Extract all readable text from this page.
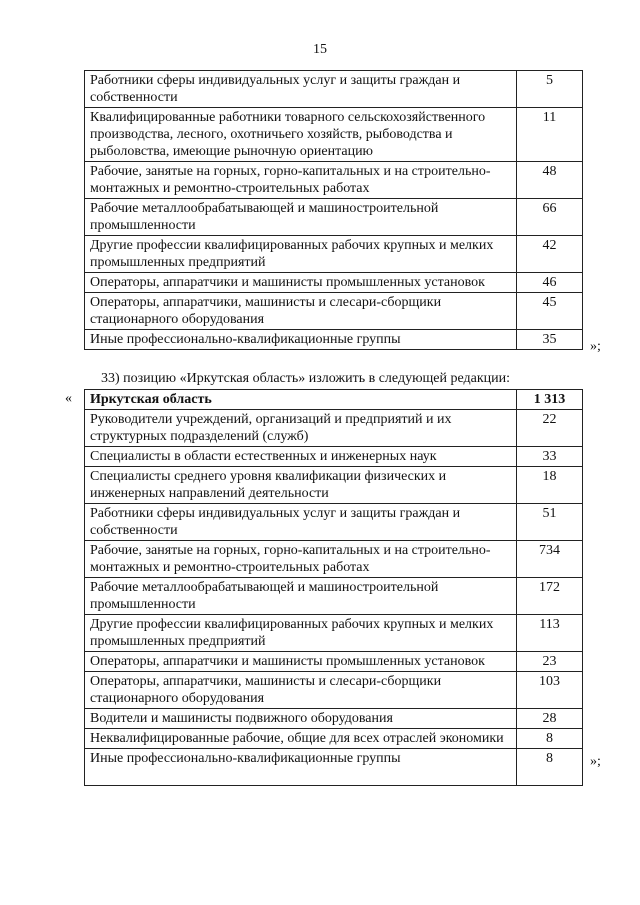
15
Работники сферы индивидуальных услуг и защиты граждан и собственности	5
Квалифицированные работники товарного сельскохозяйственного производства, лесного, охотничьего хозяйств, рыбоводства и рыболовства, имеющие рыночную ориентацию	11
Рабочие, занятые на горных, горно-капитальных и на строительно-монтажных и ремонтно-строительных работах	48
Рабочие металлообрабатывающей и машиностроительной промышленности	66
Другие профессии квалифицированных рабочих крупных и мелких промышленных предприятий	42
Операторы, аппаратчики и машинисты промышленных установок	46
Операторы, аппаратчики, машинисты и слесари-сборщики стационарного оборудования	45
Иные профессионально-квалификационные группы	35 »;
33) позицию «Иркутская область» изложить в следующей редакции:
« Иркутская область	1 313
Руководители учреждений, организаций и предприятий и их структурных подразделений (служб)	22
Специалисты в области естественных и инженерных наук	33
Специалисты среднего уровня квалификации физических и инженерных направлений деятельности	18
Работники сферы индивидуальных услуг и защиты граждан и собственности	51
Рабочие, занятые на горных, горно-капитальных и на строительно-монтажных и ремонтно-строительных работах	734
Рабочие металлообрабатывающей и машиностроительной промышленности	172
Другие профессии квалифицированных рабочих крупных и мелких промышленных предприятий	113
Операторы, аппаратчики и машинисты промышленных установок	23
Операторы, аппаратчики, машинисты и слесари-сборщики стационарного оборудования	103
Водители и машинисты подвижного оборудования	28
Неквалифицированные рабочие, общие для всех отраслей экономики	8
Иные профессионально-квалификационные группы	8	»;
